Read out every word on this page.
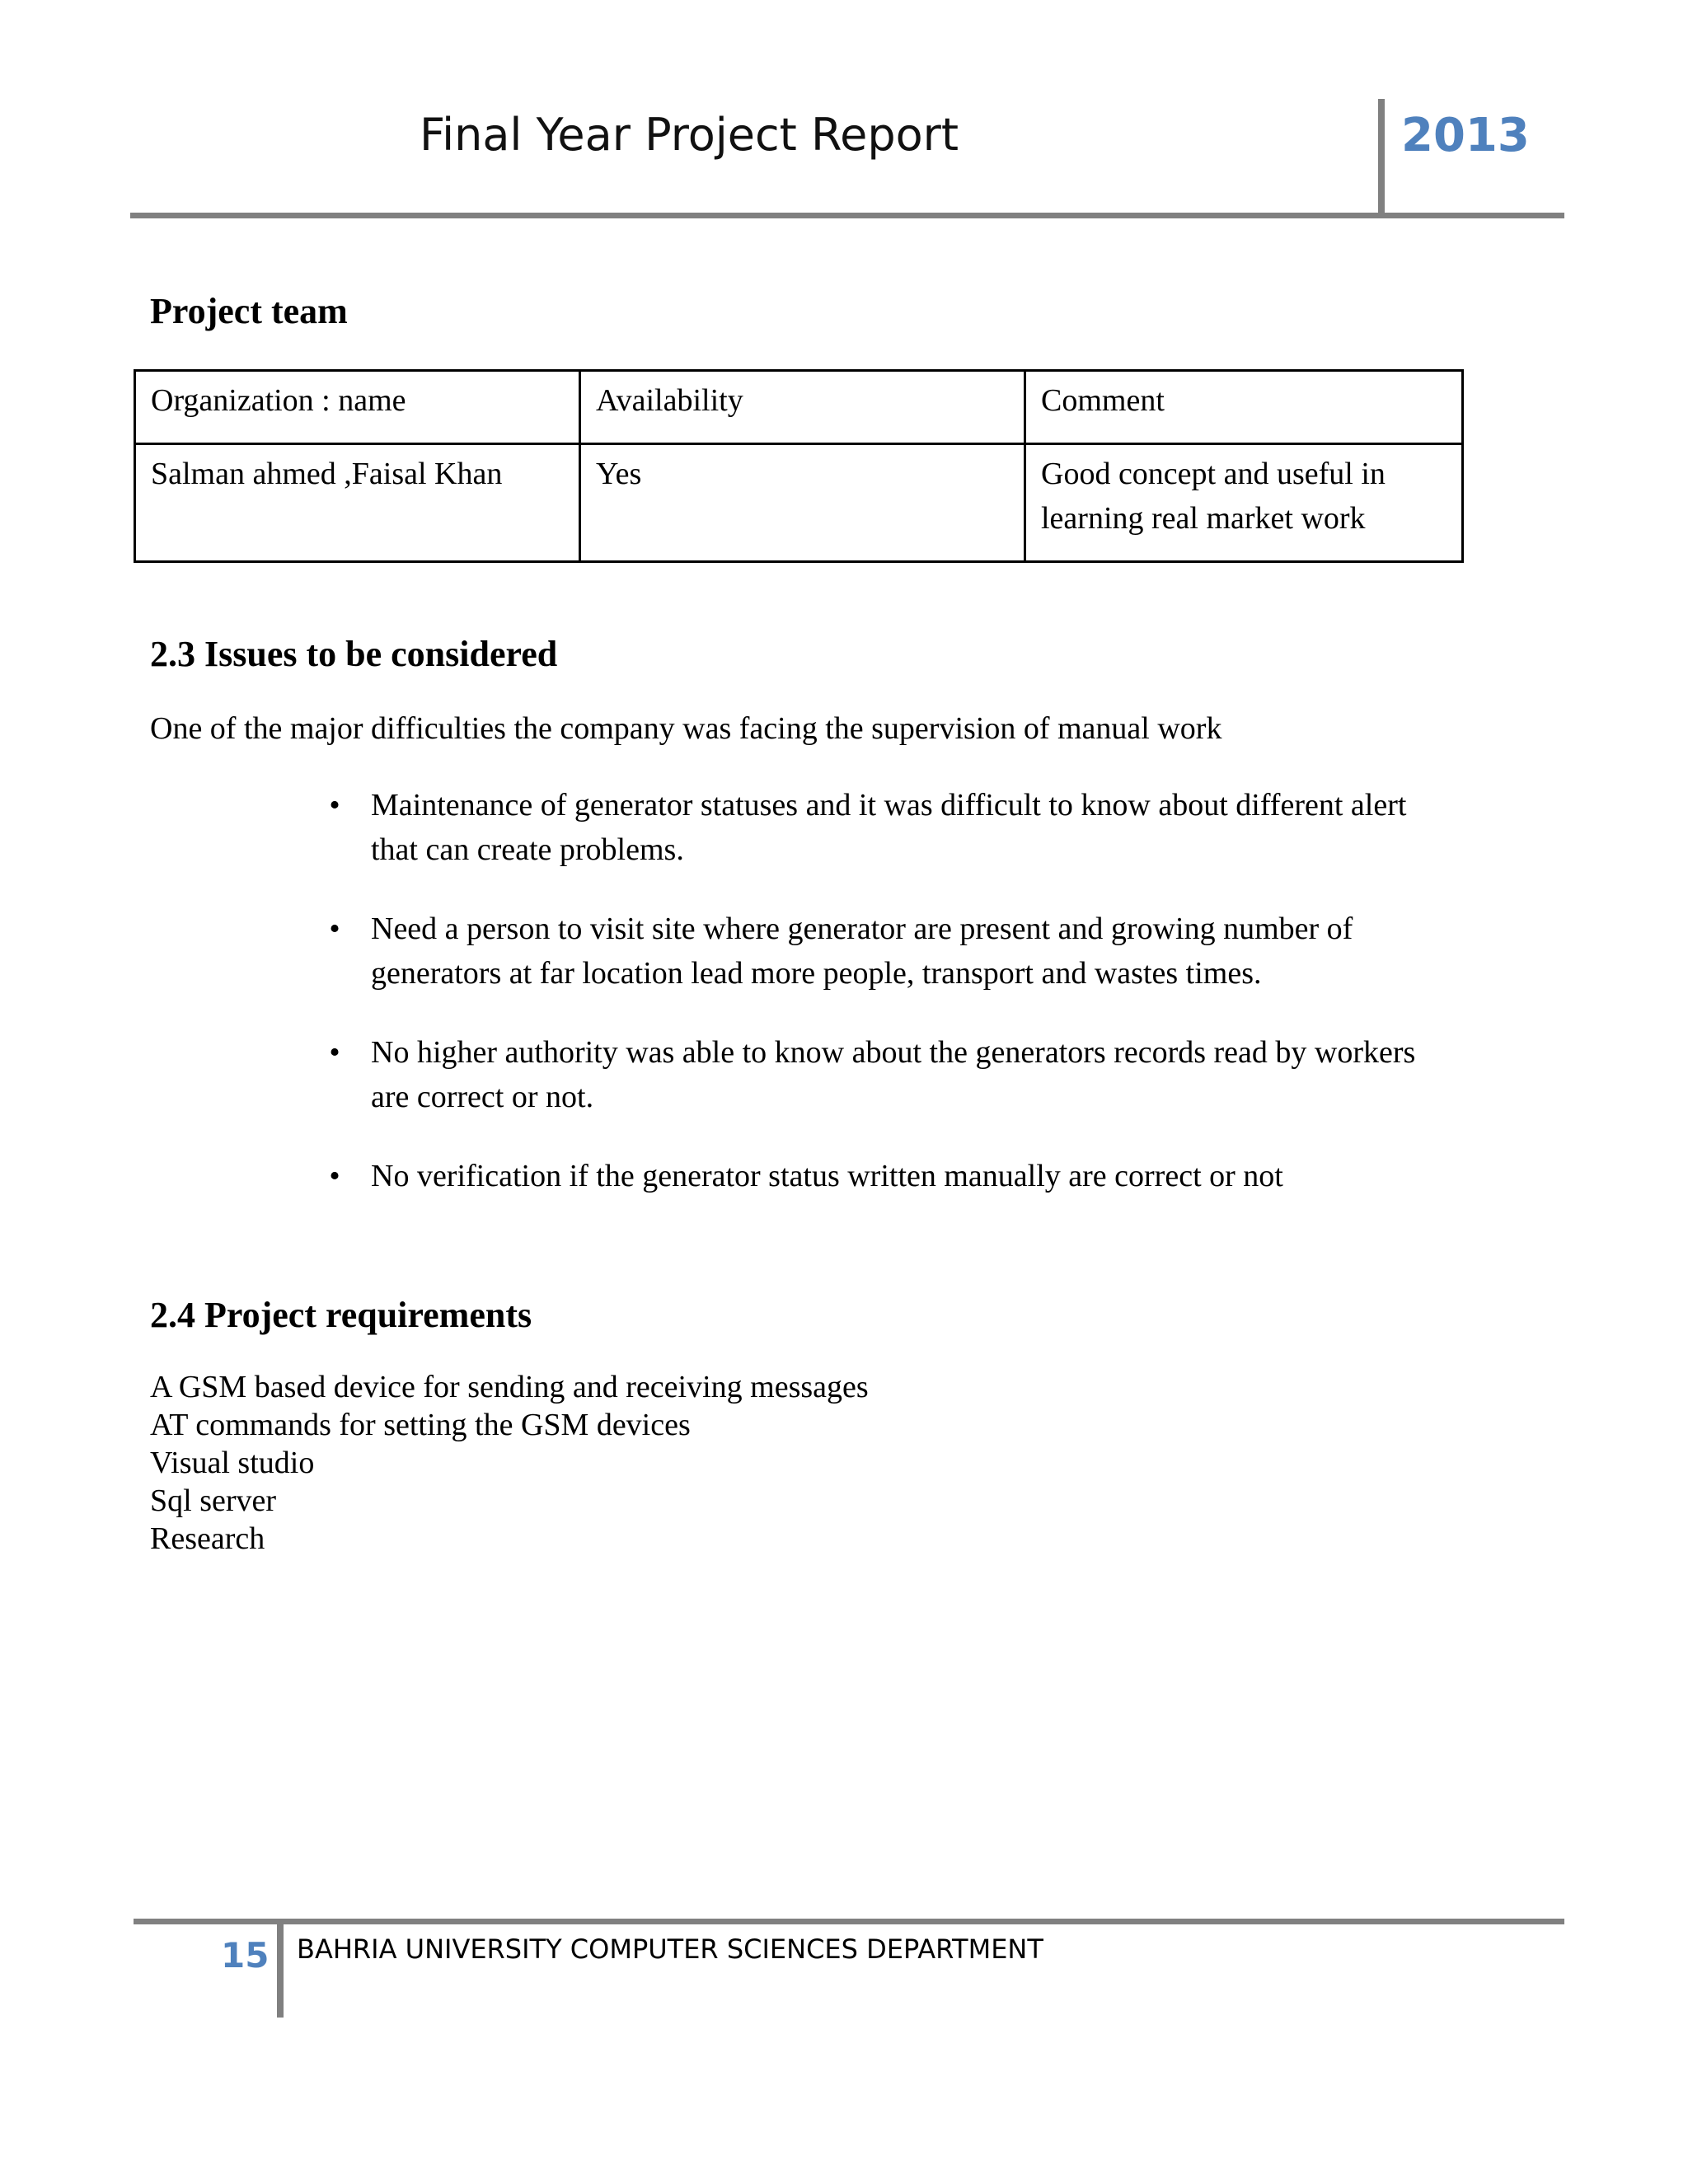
Final Year Project Report	2013
Project team
Organization : name	Availability	Comment
Salman ahmed ,Faisal Khan	Yes	Good concept and useful in learning real market work
2.3 Issues to be considered
One of the major difficulties the company was facing the supervision of manual work
• Maintenance of generator statuses and it was difficult to know about different alert that can create problems.
• Need a person to visit site where generator are present and growing number of generators at far location lead more people, transport and wastes times.
• No higher authority was able to know about the generators records read by workers are correct or not.
• No verification if the generator status written manually are correct or not
2.4 Project requirements
A GSM based device for sending and receiving messages
AT commands for setting the GSM devices
Visual studio
Sql server
Research
15 BAHRIA UNIVERSITY COMPUTER SCIENCES DEPARTMENT
